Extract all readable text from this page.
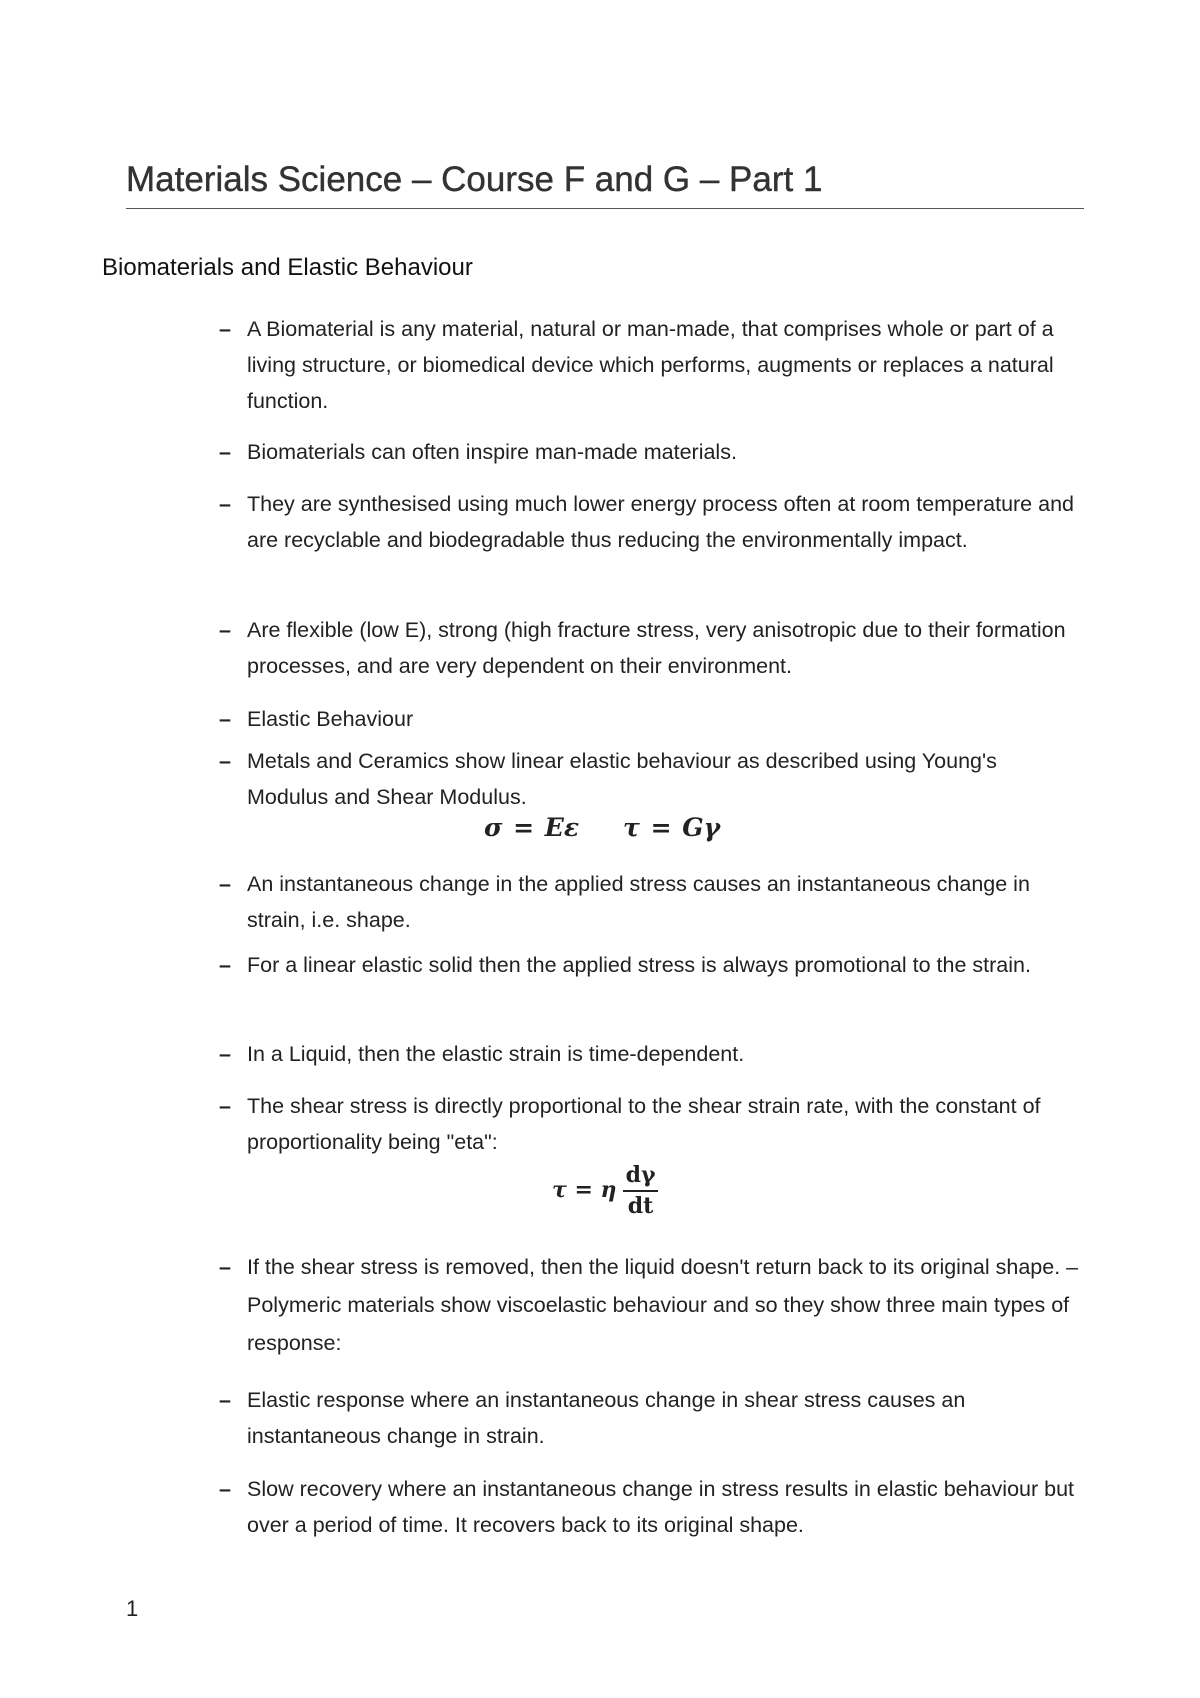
Materials Science – Course F and G – Part 1
Biomaterials and Elastic Behaviour
– A Biomaterial is any material, natural or man-made, that comprises whole or part of a living structure, or biomedical device which performs, augments or replaces a natural function.
– Biomaterials can often inspire man-made materials.
– They are synthesised using much lower energy process often at room temperature and are recyclable and biodegradable thus reducing the environmentally impact.
– Are flexible (low E), strong (high fracture stress, very anisotropic due to their formation processes, and are very dependent on their environment.
– Elastic Behaviour
– Metals and Ceramics show linear elastic behaviour as described using Young's Modulus and Shear Modulus.
σ = Eε τ = Gγ
– An instantaneous change in the applied stress causes an instantaneous change in strain, i.e. shape.
– For a linear elastic solid then the applied stress is always promotional to the strain.
– In a Liquid, then the elastic strain is time-dependent.
– The shear stress is directly proportional to the shear strain rate, with the constant of proportionality being "eta":
τ = η $\frac{d\gamma}{dt}$
– If the shear stress is removed, then the liquid doesn't return back to its original shape. – Polymeric materials show viscoelastic behaviour and so they show three main types of response:
– Elastic response where an instantaneous change in shear stress causes an instantaneous change in strain.
– Slow recovery where an instantaneous change in stress results in elastic behaviour but over a period of time. It recovers back to its original shape.
1
